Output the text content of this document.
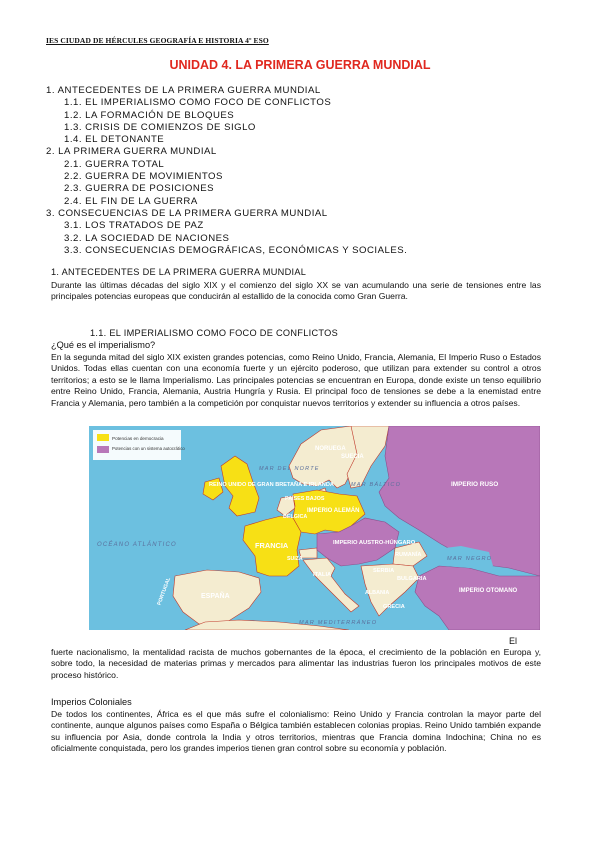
IES CIUDAD DE HÉRCULES GEOGRAFÍA E HISTORIA 4º ESO
UNIDAD 4. LA PRIMERA GUERRA MUNDIAL
1. ANTECEDENTES DE LA PRIMERA GUERRA MUNDIAL
1.1. EL IMPERIALISMO COMO FOCO DE CONFLICTOS
1.2. LA FORMACIÓN DE BLOQUES
1.3. CRISIS DE COMIENZOS DE SIGLO
1.4. EL DETONANTE
2. LA PRIMERA GUERRA MUNDIAL
2.1. GUERRA TOTAL
2.2. GUERRA DE MOVIMIENTOS
2.3. GUERRA DE POSICIONES
2.4. EL FIN DE LA GUERRA
3. CONSECUENCIAS DE LA PRIMERA GUERRA MUNDIAL
3.1. LOS TRATADOS DE PAZ
3.2. LA SOCIEDAD DE NACIONES
3.3. CONSECUENCIAS DEMOGRÁFICAS, ECONÓMICAS Y SOCIALES.
1. ANTECEDENTES DE LA PRIMERA GUERRA MUNDIAL
Durante las últimas décadas del siglo XIX y el comienzo del siglo XX se van acumulando una serie de tensiones entre las principales potencias europeas que conducirán al estallido de la conocida como Gran Guerra.
1.1. EL IMPERIALISMO COMO FOCO DE CONFLICTOS
¿Qué es el imperialismo?
En la segunda mitad del siglo XIX existen grandes potencias, como Reino Unido, Francia, Alemania, El Imperio Ruso o Estados Unidos. Todas ellas cuentan con una economía fuerte y un ejército poderoso, que utilizan para extender su control a otros territorios; a esto se le llama Imperialismo. Las principales potencias se encuentran en Europa, donde existe un tenso equilibrio entre Reino Unido, Francia, Alemania, Austria Hungría y Rusia. El principal foco de tensiones se debe a la enemistad entre Francia y Alemania, pero también a la competición por conquistar nuevos territorios y extender su influencia a otros países.
Potencias en democracia
Potencias con un sistema autocrático	NORUEGA
SUECIA
MAR DEL NORTE
MAR BÁLTICO
REINO UNIDO DE GRAN BRETAÑA E IRLANDA
PAÍSES BAJOS
BÉLGICA
IMPERIO ALEMÁN
IMPERIO RUSO
FRANCIA
SUIZA
IMPERIO AUSTRO-HÚNGARO
OCÉANO ATLÁNTICO
RUMANÍA
MAR NEGRO
ITALIA
SERBIA
BULGARIA
PORTUGAL	ESPAÑA	ALBANIA
GRECIA
IMPERIO OTOMANO
MAR MEDITERRÁNEO
El
fuerte nacionalismo, la mentalidad racista de muchos gobernantes de la época, el crecimiento de la población en Europa y, sobre todo, la necesidad de materias primas y mercados para alimentar las industrias fueron los principales motivos de este proceso histórico.
Imperios Coloniales
De todos los continentes, África es el que más sufre el colonialismo: Reino Unido y Francia controlan la mayor parte del continente, aunque algunos países como España o Bélgica también establecen colonias propias. Reino Unido también expande su influencia por Asia, donde controla la India y otros territorios, mientras que Francia domina Indochina; China no es oficialmente conquistada, pero los grandes imperios tienen gran control sobre su economía y población.
